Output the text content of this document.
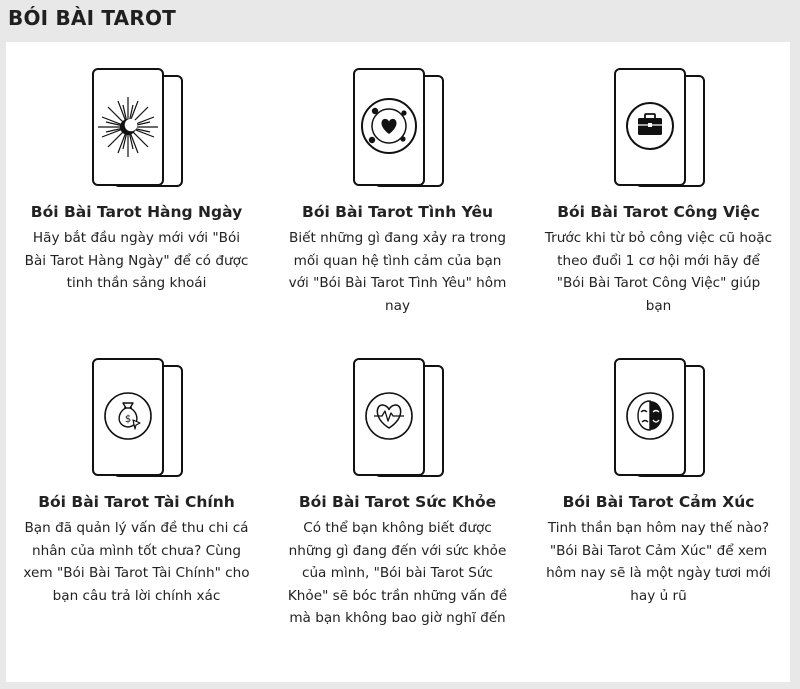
BÓI BÀI TAROT
Bói Bài Tarot Hàng Ngày
Hãy bắt đầu ngày mới với "Bói Bài Tarot Hàng Ngày" để có được tinh thần sảng khoái
Bói Bài Tarot Tình Yêu
Biết những gì đang xảy ra trong mối quan hệ tình cảm của bạn với "Bói Bài Tarot Tình Yêu" hôm nay
Bói Bài Tarot Công Việc
Trước khi từ bỏ công việc cũ hoặc theo đuổi 1 cơ hội mới hãy để "Bói Bài Tarot Công Việc" giúp bạn
$
Bói Bài Tarot Tài Chính
Bạn đã quản lý vấn đề thu chi cá nhân của mình tốt chưa? Cùng xem "Bói Bài Tarot Tài Chính" cho bạn câu trả lời chính xác
Bói Bài Tarot Sức Khỏe
Có thể bạn không biết được những gì đang đến với sức khỏe của mình, "Bói bài Tarot Sức Khỏe" sẽ bóc trần những vấn đề mà bạn không bao giờ nghĩ đến
Bói Bài Tarot Cảm Xúc
Tinh thần bạn hôm nay thế nào? "Bói Bài Tarot Cảm Xúc" để xem hôm nay sẽ là một ngày tươi mới hay ủ rũ
